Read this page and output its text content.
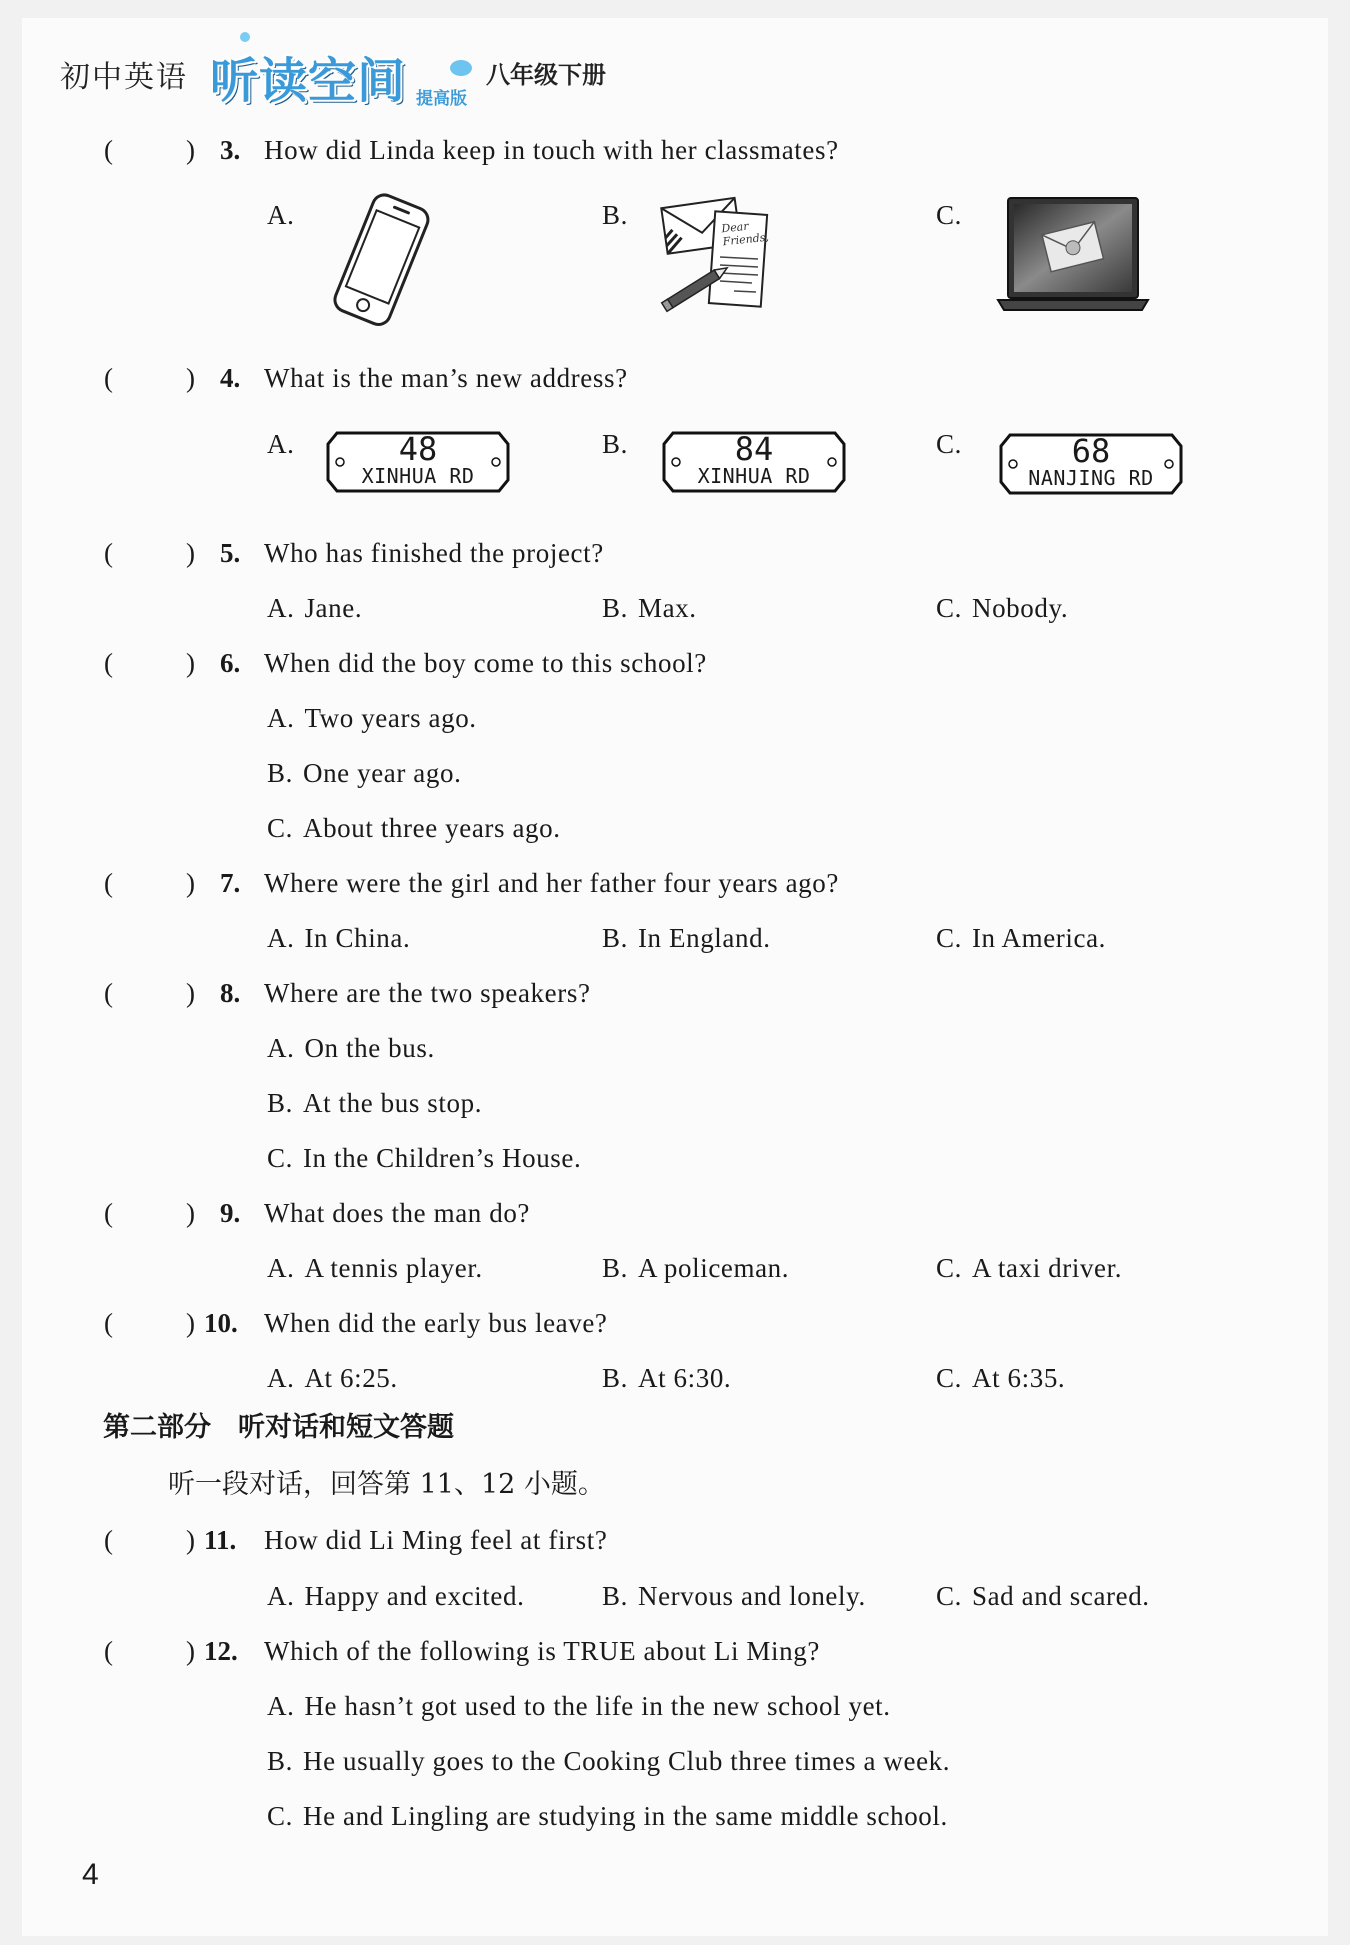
初中英语 听读空间 提高版
八年级下册
(	) 3. How did Linda keep in touch with her classmates?
A.	B.	C.
Dear
Friends,
(	) 4. What is the man’s new address?
A.	B.	C.
48
XINHUA RD
84
XINHUA RD
68
NANJING RD
(	) 5. Who has finished the project?
A. Jane.	B. Max.	C. Nobody.
(	) 6. When did the boy come to this school?
A. Two years ago.
B. One year ago.
C. About three years ago.
(	) 7. Where were the girl and her father four years ago?
A. In China.	B. In England.	C. In America.
(	) 8. Where are the two speakers?
A. On the bus.
B. At the bus stop.
C. In the Children’s House.
(	) 9. What does the man do?
A. A tennis player.	B. A policeman.	C. A taxi driver.
(	) 10. When did the early bus leave?
A. At 6:25.	B. At 6:30.	C. At 6:35.
第二部分　听对话和短文答题
听一段对话，回答第 11、12 小题。
(	) 11. How did Li Ming feel at first?
A. Happy and excited.	B. Nervous and lonely.	C. Sad and scared.
(	) 12. Which of the following is TRUE about Li Ming?
A. He hasn’t got used to the life in the new school yet.
B. He usually goes to the Cooking Club three times a week.
C. He and Lingling are studying in the same middle school.
4
